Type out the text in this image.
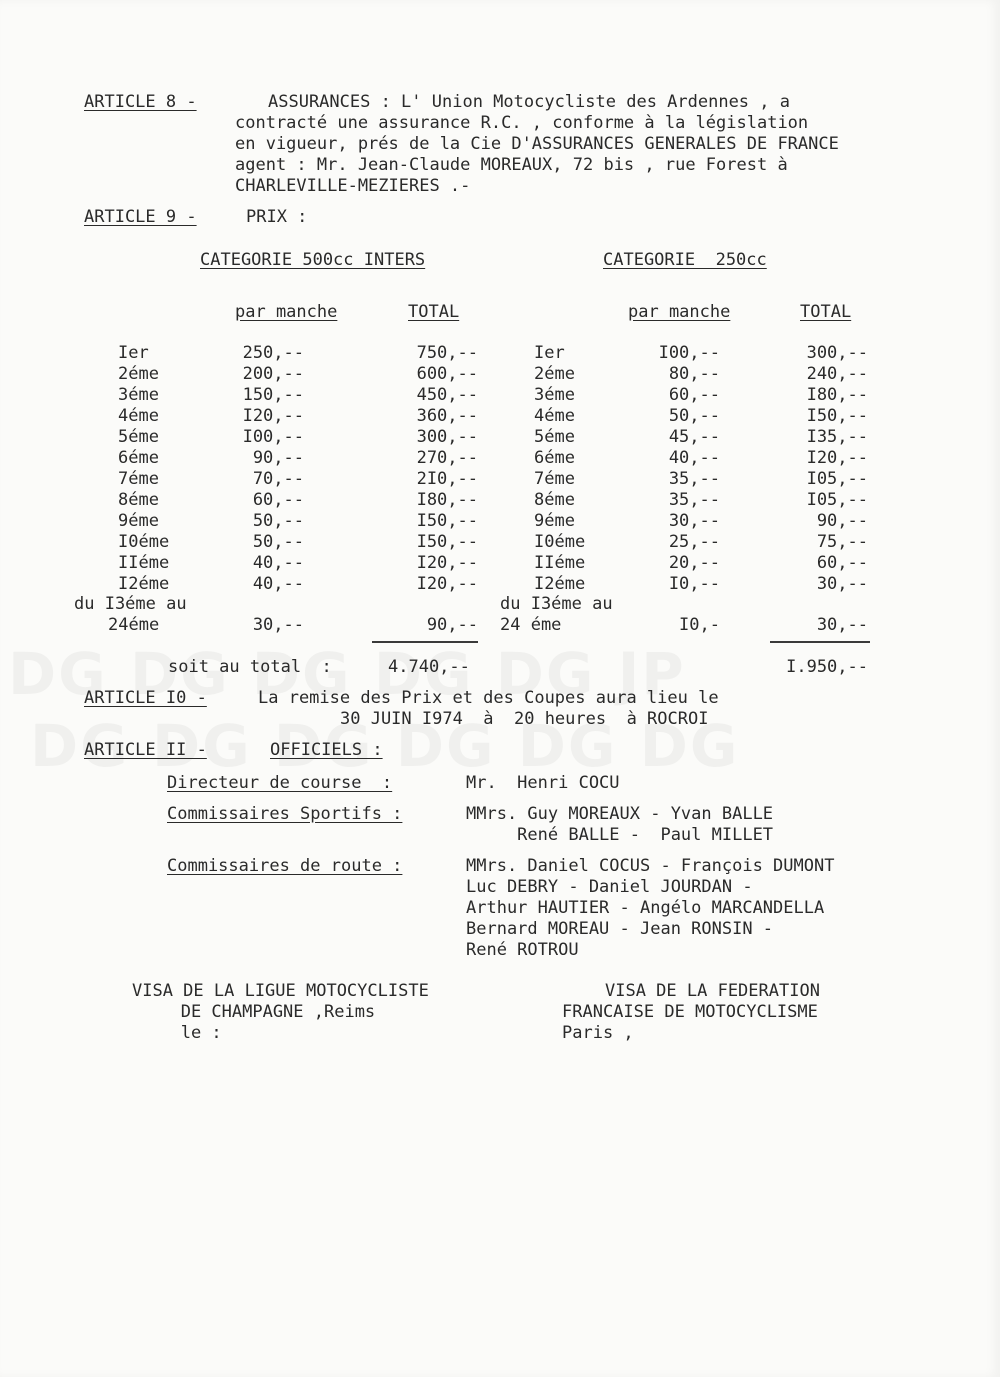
ARTICLE 8 -	ASSURANCES : L' Union Motocycliste des Ardennes , a
contracté une assurance R.C. , conforme à la législation
en vigueur, prés de la Cie D'ASSURANCES GENERALES DE FRANCE
agent : Mr. Jean-Claude MOREAUX, 72 bis , rue Forest à
CHARLEVILLE-MEZIERES .-
ARTICLE 9 -	PRIX :
CATEGORIE 500cc INTERS	CATEGORIE  250cc
par manche	TOTAL	par manche	TOTAL
Ier	250,--	750,--	Ier	I00,--	300,--
2éme	200,--	600,--	2éme	80,--	240,--
3éme	150,--	450,--	3éme	60,--	I80,--
4éme	I20,--	360,--	4éme	50,--	I50,--
5éme	I00,--	300,--	5éme	45,--	I35,--
6éme	90,--	270,--	6éme	40,--	I20,--
7éme	70,--	2I0,--	7éme	35,--	I05,--
8éme	60,--	I80,--	8éme	35,--	I05,--
9éme	50,--	I50,--	9éme	30,--	90,--
I0éme	50,--	I50,--	I0éme	25,--	75,--
IIéme	40,--	I20,--	IIéme	20,--	60,--
I2éme	40,--	I20,--	I2éme	I0,--	30,--
du I3éme au
24éme	30,--	90,--
du I3éme au
24 éme	I0,-	30,--
soit au total  :	4.740,--	I.950,--
ARTICLE I0 -	La remise des Prix et des Coupes aura lieu le
30 JUIN I974  à  20 heures  à ROCROI
ARTICLE II -	OFFICIELS :
Directeur de course  :	Mr.  Henri COCU
Commissaires Sportifs :	MMrs. Guy MOREAUX - Yvan BALLE
René BALLE -  Paul MILLET
Commissaires de route :	MMrs. Daniel COCUS - François DUMONT
Luc DEBRY - Daniel JOURDAN -
Arthur HAUTIER - Angélo MARCANDELLA
Bernard MOREAU - Jean RONSIN -
René ROTROU
VISA DE LA LIGUE MOTOCYCLISTE
DE CHAMPAGNE ,Reims
le :
VISA DE LA FEDERATION
FRANCAISE DE MOTOCYCLISME
Paris ,
